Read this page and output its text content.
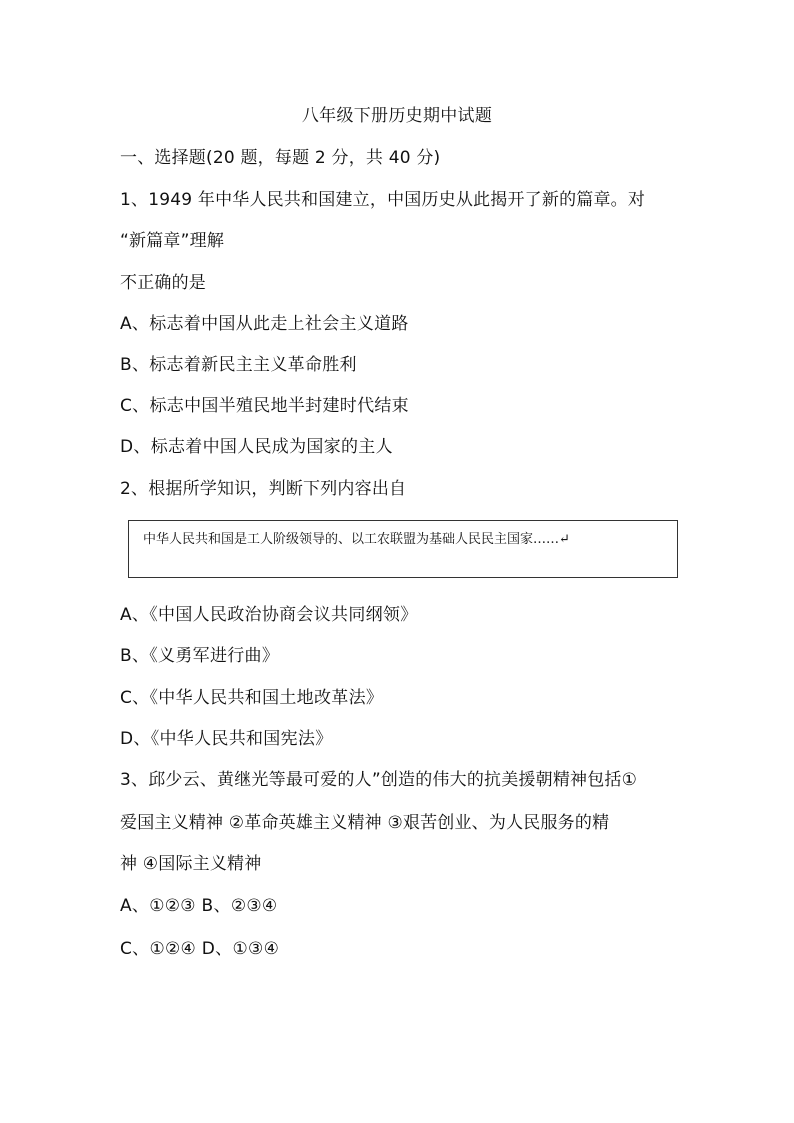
八年级下册历史期中试题
一、选择题(20 题，每题 2 分，共 40 分)
1、1949 年中华人民共和国建立，中国历史从此揭开了新的篇章。对
“新篇章”理解
不正确的是
A、标志着中国从此走上社会主义道路
B、标志着新民主主义革命胜利
C、标志中国半殖民地半封建时代结束
D、标志着中国人民成为国家的主人
2、根据所学知识，判断下列内容出自
中华人民共和国是工人阶级领导的、以工农联盟为基础人民民主国家……↵
A、《中国人民政治协商会议共同纲领》
B、《义勇军进行曲》
C、《中华人民共和国土地改革法》
D、《中华人民共和国宪法》
3、邱少云、黄继光等最可爱的人”创造的伟大的抗美援朝精神包括①
爱国主义精神 ②革命英雄主义精神 ③艰苦创业、为人民服务的精
神 ④国际主义精神
A、①②③ B、②③④
C、①②④ D、①③④
